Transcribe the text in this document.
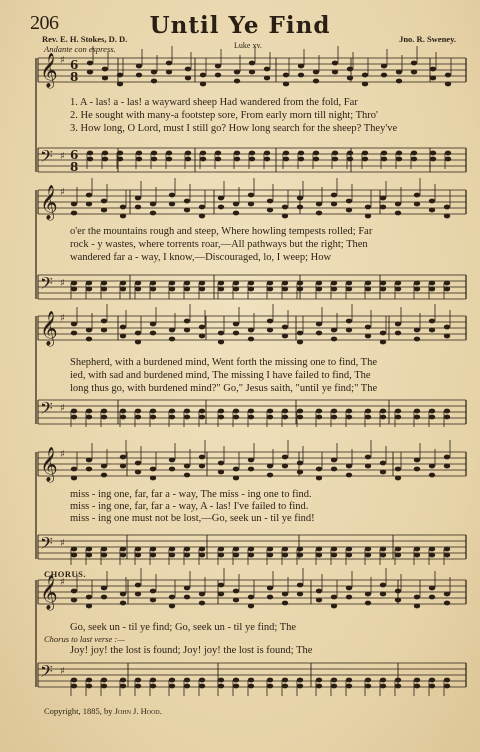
206	Until Ye Find
Rev. E. H. Stokes, D. D.	Jno. R. Sweney.
Luke xv.
Andante con espress.
𝄞 ♯ 6
8
𝄢 ♯ 6
8
𝄞 ♯
𝄢 ♯
𝄞 ♯
𝄢 ♯
𝄞 ♯
𝄢 ♯
𝄞 ♯
𝄢 ♯
1. A - las! a - las! a wayward sheep Had wandered from the fold, Far
2. He sought with many-a footstep sore, From early morn till night; Thro'
3. How long, O Lord, must I still go? How long search for the sheep? They've
o'er the mountains rough and steep, Where howling tempests rolled; Far
rock - y wastes, where torrents roar,—All pathways but the right; Then
wandered far a - way, I know,—Discouraged, lo, I weep; How
Shepherd, with a burdened mind, Went forth the missing one to find, The
ied, with sad and burdened mind, The missing I have failed to find, The
long thus go, with burdened mind?" Go," Jesus saith, "until ye find;" The
miss - ing one, far, far a - way, The miss - ing one to find.
miss - ing one, far, far a - way, A - las! I've failed to find.
miss - ing one must not be lost,—Go, seek un - til ye find!
CHORUS.
Go, seek un - til ye find; Go, seek un - til ye find; The
Chorus to last verse :—
Joy! joy! the lost is found; Joy! joy! the lost is found; The
Copyright, 1885, by John J. Hood.
